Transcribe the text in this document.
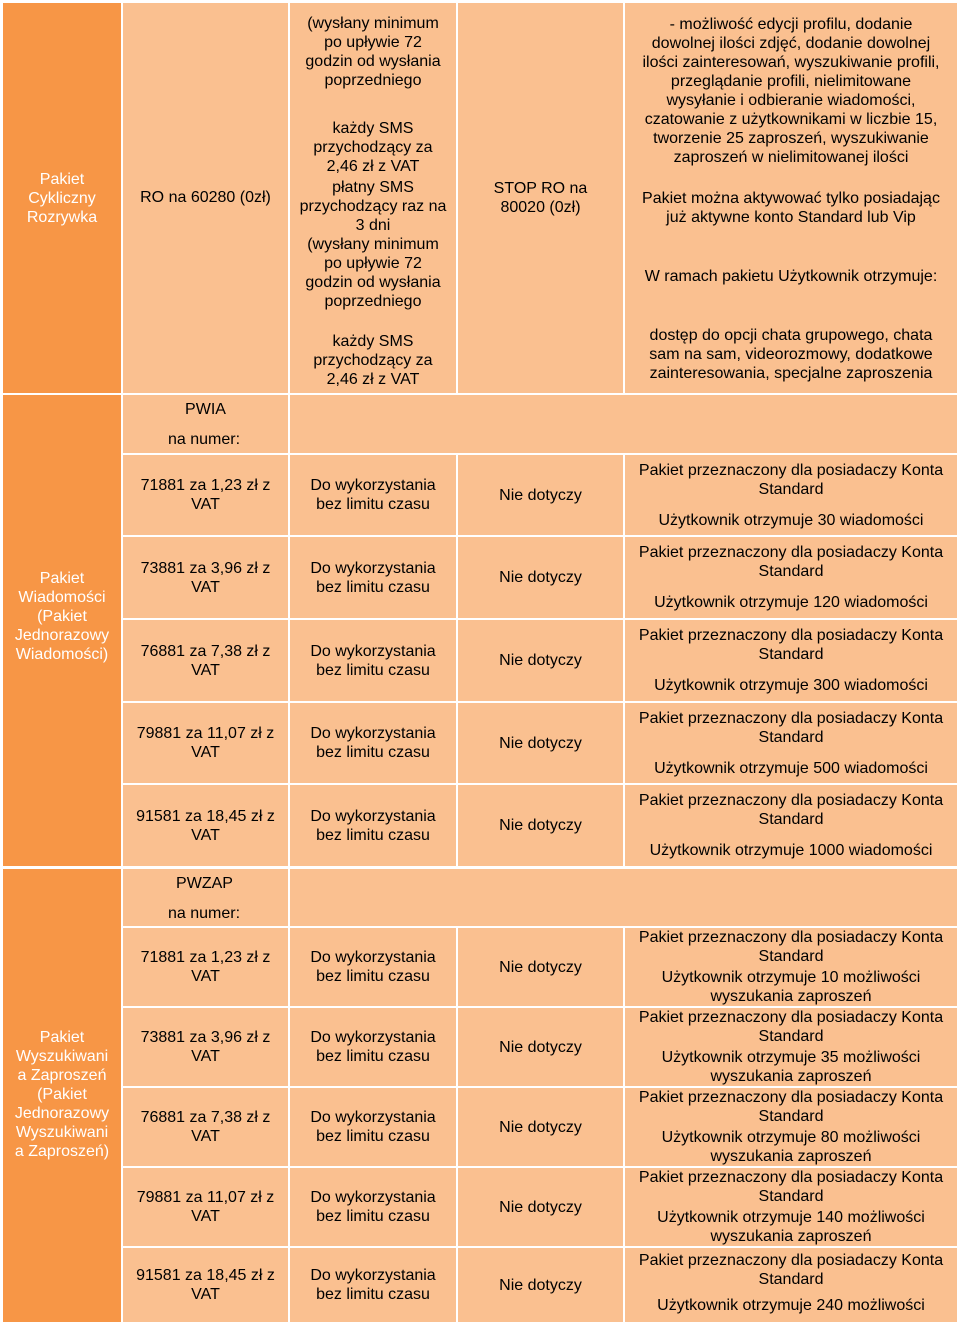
Pakiet Cykliczny Rozrywka
RO na 60280 (0zł)
(wysłany minimum
po upływie 72
godzin od wysłania
poprzedniego
każdy SMS
przychodzący za
2,46 zł z VAT
płatny SMS
przychodzący raz na
3 dni
(wysłany minimum
po upływie 72
godzin od wysłania
poprzedniego
każdy SMS
przychodzący za
2,46 zł z VAT
STOP RO na
80020 (0zł)
- możliwość edycji profilu, dodanie
dowolnej ilości zdjęć, dodanie dowolnej
ilości zainteresowań, wyszukiwanie profili,
przeglądanie profili, nielimitowane
wysyłanie i odbieranie wiadomości,
czatowanie z użytkownikami w liczbie 15,
tworzenie 25 zaproszeń, wyszukiwanie
zaproszeń w nielimitowanej ilości
Pakiet można aktywować tylko posiadając
już aktywne konto Standard lub Vip
W ramach pakietu Użytkownik otrzymuje:
dostęp do opcji chata grupowego, chata
sam na sam, videorozmowy, dodatkowe
zainteresowania, specjalne zaproszenia
Pakiet
Wiadomości
(Pakiet
Jednorazowy
Wiadomości)
PWIA
na numer:
71881 za 1,23 zł z
VAT
Do wykorzystania
bez limitu czasu
Nie dotyczy
Pakiet przeznaczony dla posiadaczy Konta
Standard
Użytkownik otrzymuje 30 wiadomości
73881 za 3,96 zł z
VAT
Do wykorzystania
bez limitu czasu
Nie dotyczy
Pakiet przeznaczony dla posiadaczy Konta
Standard
Użytkownik otrzymuje 120 wiadomości
76881 za 7,38 zł z
VAT
Do wykorzystania
bez limitu czasu
Nie dotyczy
Pakiet przeznaczony dla posiadaczy Konta
Standard
Użytkownik otrzymuje 300 wiadomości
79881 za 11,07 zł z
VAT
Do wykorzystania
bez limitu czasu
Nie dotyczy
Pakiet przeznaczony dla posiadaczy Konta
Standard
Użytkownik otrzymuje 500 wiadomości
91581 za 18,45 zł z
VAT
Do wykorzystania
bez limitu czasu
Nie dotyczy
Pakiet przeznaczony dla posiadaczy Konta
Standard
Użytkownik otrzymuje 1000 wiadomości
Pakiet
Wyszukiwani
a Zaproszeń
(Pakiet
Jednorazowy
Wyszukiwani
a Zaproszeń)
PWZAP
na numer:
71881 za 1,23 zł z
VAT
Do wykorzystania
bez limitu czasu
Nie dotyczy
Pakiet przeznaczony dla posiadaczy Konta
Standard
Użytkownik otrzymuje 10 możliwości
wyszukania zaproszeń
73881 za 3,96 zł z
VAT
Do wykorzystania
bez limitu czasu
Nie dotyczy
Pakiet przeznaczony dla posiadaczy Konta
Standard
Użytkownik otrzymuje 35 możliwości
wyszukania zaproszeń
76881 za 7,38 zł z
VAT
Do wykorzystania
bez limitu czasu
Nie dotyczy
Pakiet przeznaczony dla posiadaczy Konta
Standard
Użytkownik otrzymuje 80 możliwości
wyszukania zaproszeń
79881 za 11,07 zł z
VAT
Do wykorzystania
bez limitu czasu
Nie dotyczy
Pakiet przeznaczony dla posiadaczy Konta
Standard
Użytkownik otrzymuje 140 możliwości
wyszukania zaproszeń
91581 za 18,45 zł z
VAT
Do wykorzystania
bez limitu czasu
Nie dotyczy
Pakiet przeznaczony dla posiadaczy Konta
Standard
Użytkownik otrzymuje 240 możliwości
